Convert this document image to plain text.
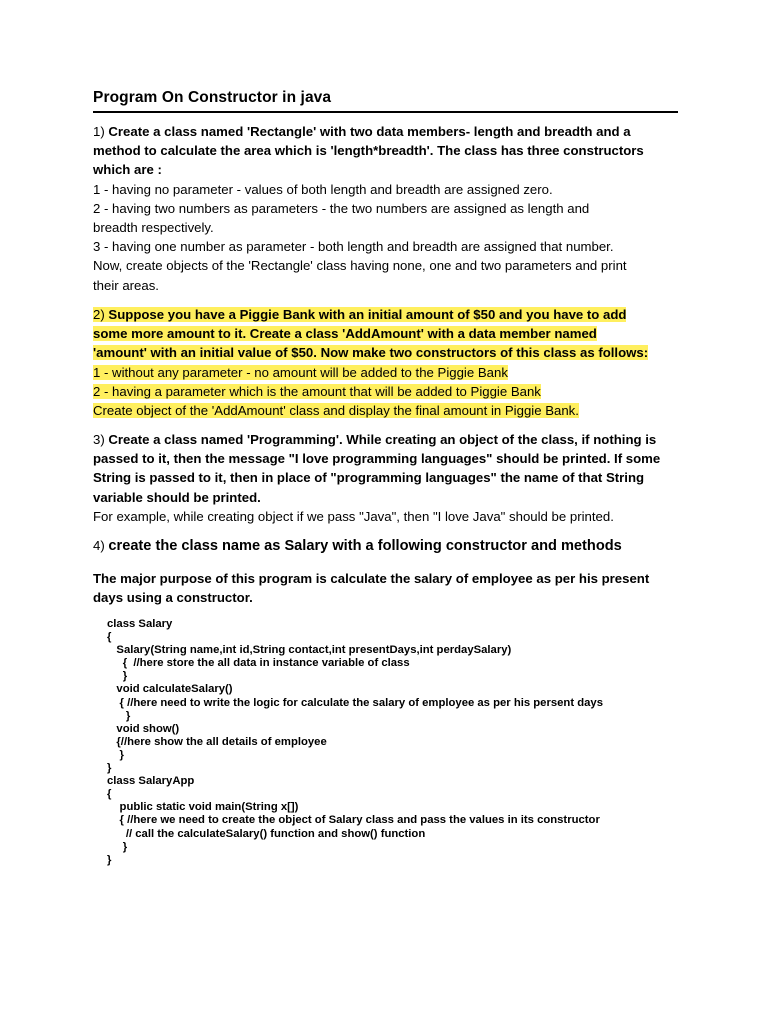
Program On Constructor in java

1) Create a class named 'Rectangle' with two data members- length and breadth and a

method to calculate the area which is 'length*breadth'. The class has three constructors

which are :

1 - having no parameter - values of both length and breadth are assigned zero.

2 - having two numbers as parameters - the two numbers are assigned as length and

breadth respectively.

3 - having one number as parameter - both length and breadth are assigned that number.

Now, create objects of the 'Rectangle' class having none, one and two parameters and print

their areas.

2) Suppose you have a Piggie Bank with an initial amount of $50 and you have to add

some more amount to it. Create a class 'AddAmount' with a data member named

'amount' with an initial value of $50. Now make two constructors of this class as follows:

1 - without any parameter - no amount will be added to the Piggie Bank

2 - having a parameter which is the amount that will be added to Piggie Bank

Create object of the 'AddAmount' class and display the final amount in Piggie Bank.

3) Create a class named 'Programming'. While creating an object of the class, if nothing is

passed to it, then the message "I love programming languages" should be printed. If some

String is passed to it, then in place of "programming languages" the name of that String

variable should be printed.

For example, while creating object if we pass "Java", then "I love Java" should be printed.

4) create the class name as Salary with a following constructor and methods

The major purpose of this program is calculate the salary of employee as per his present

days using a constructor.

class Salary
{
Salary(String name,int id,String contact,int presentDays,int perdaySalary)
{  //here store the all data in instance variable of class
}
void calculateSalary()
{ //here need to write the logic for calculate the salary of employee as per his persent days
}
void show()
{//here show the all details of employee
}
}
class SalaryApp
{
public static void main(String x[])
{ //here we need to create the object of Salary class and pass the values in its constructor
// call the calculateSalary() function and show() function
}
}
